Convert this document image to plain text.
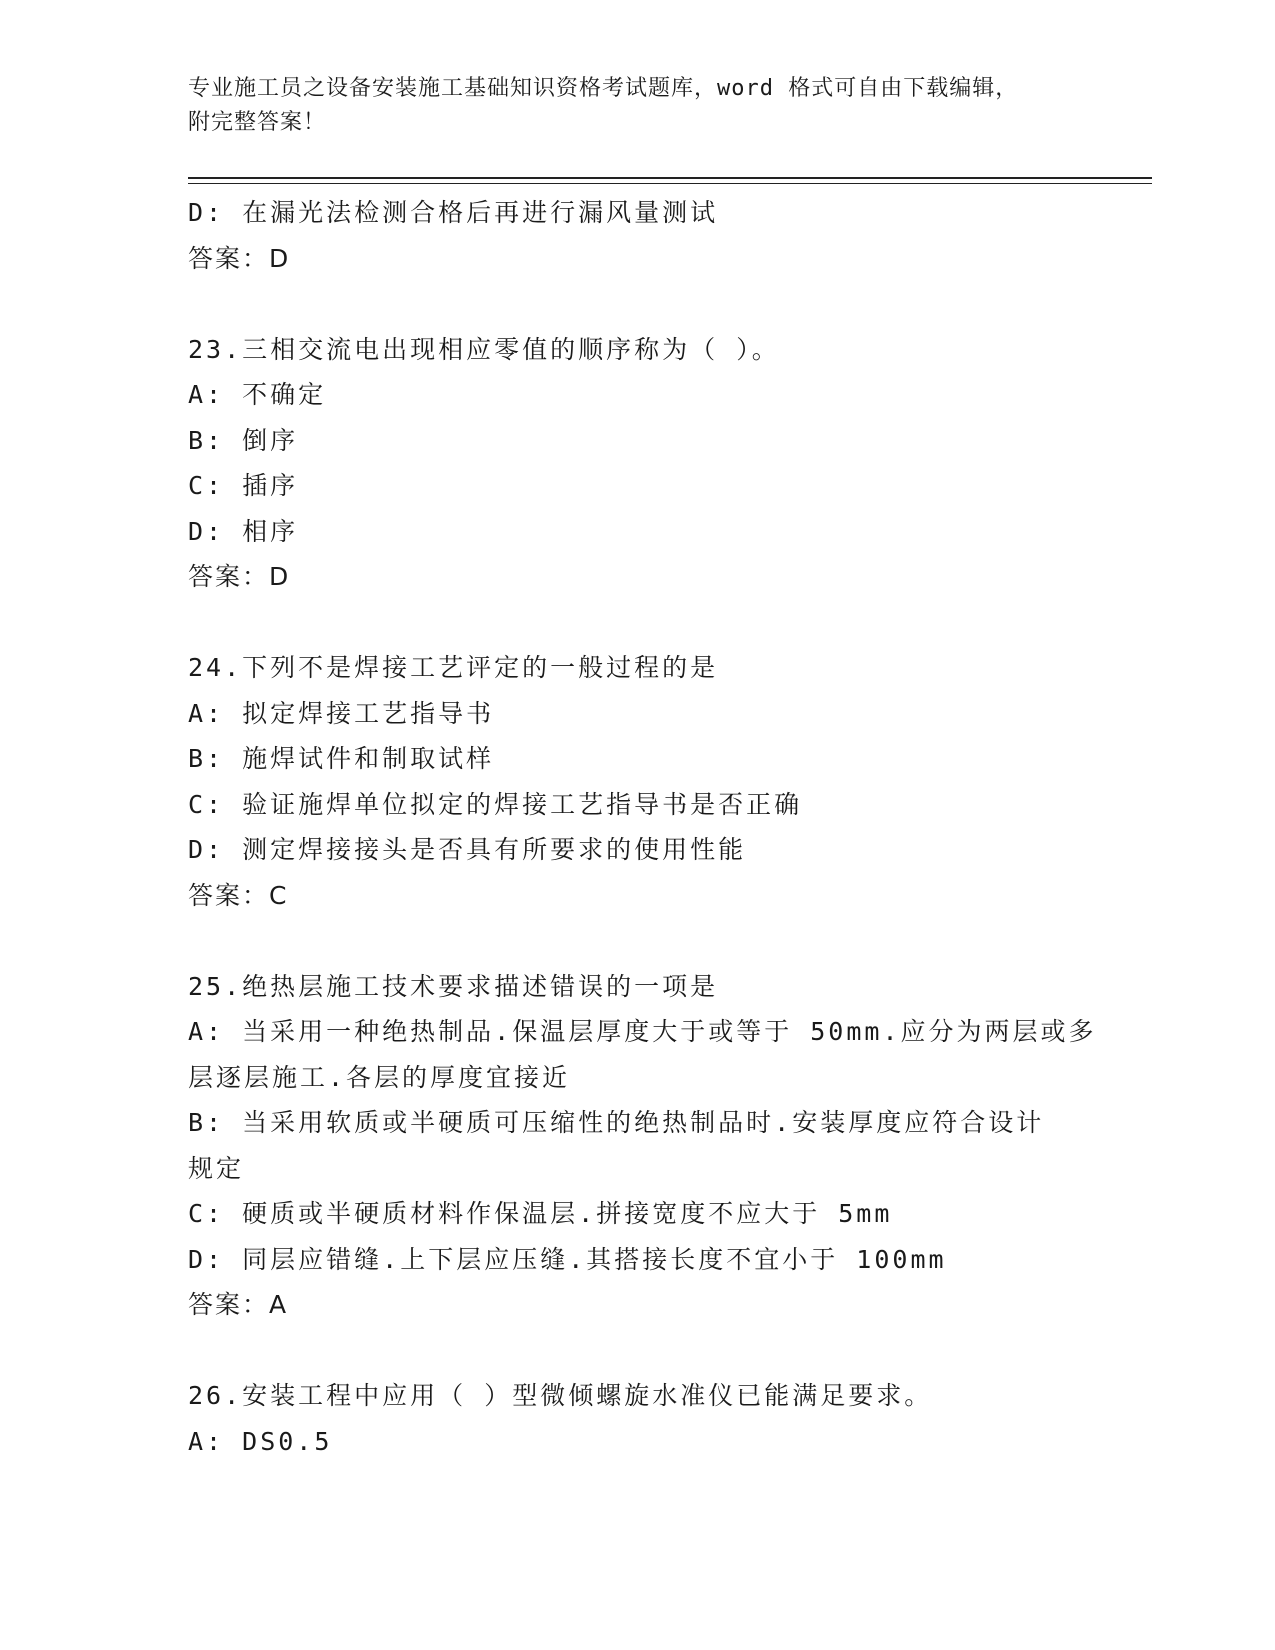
专业施工员之设备安装施工基础知识资格考试题库，word 格式可自由下载编辑，
附完整答案！
D: 在漏光法检测合格后再进行漏风量测试
答案：D
23.三相交流电出现相应零值的顺序称为（ ）。
A: 不确定
B: 倒序
C: 插序
D: 相序
答案：D
24.下列不是焊接工艺评定的一般过程的是
A: 拟定焊接工艺指导书
B: 施焊试件和制取试样
C: 验证施焊单位拟定的焊接工艺指导书是否正确
D: 测定焊接接头是否具有所要求的使用性能
答案：C
25.绝热层施工技术要求描述错误的一项是
A: 当采用一种绝热制品.保温层厚度大于或等于 50mm.应分为两层或多
层逐层施工.各层的厚度宜接近
B: 当采用软质或半硬质可压缩性的绝热制品时.安装厚度应符合设计
规定
C: 硬质或半硬质材料作保温层.拼接宽度不应大于 5mm
D: 同层应错缝.上下层应压缝.其搭接长度不宜小于 100mm
答案：A
26.安装工程中应用（ ）型微倾螺旋水准仪已能满足要求。
A: DS0.5
